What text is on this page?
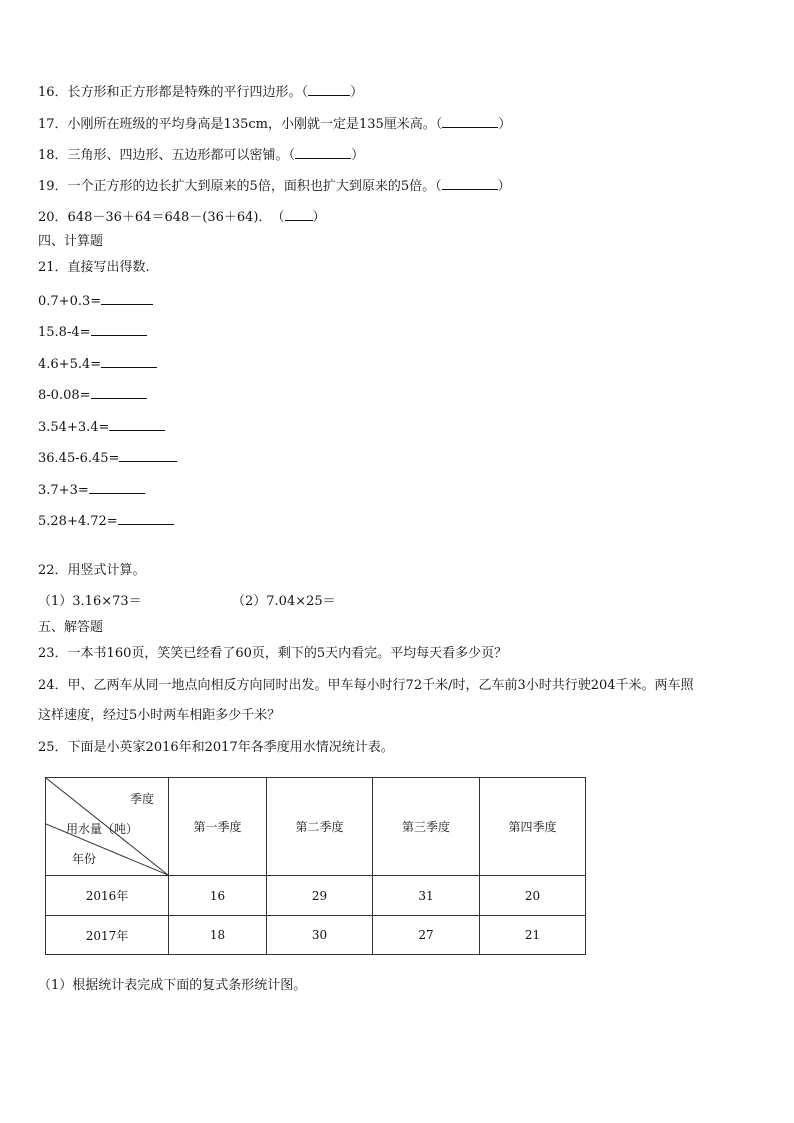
16．长方形和正方形都是特殊的平行四边形。（	）
17．小刚所在班级的平均身高是135cm，小刚就一定是135厘米高。（	）
18．三角形、四边形、五边形都可以密铺。（	）
19．一个正方形的边长扩大到原来的5倍，面积也扩大到原来的5倍。（	）
20．648－36＋64＝648－(36＋64)．　（ ）
四、计算题
21．直接写出得数.
0.7+0.3=
15.8-4=
4.6+5.4=
8-0.08=
3.54+3.4=
36.45-6.45=
3.7+3=
5.28+4.72=
22．用竖式计算。
（1）3.16×73＝	（2）7.04×25＝
五、解答题
23．一本书160页，笑笑已经看了60页，剩下的5天内看完。平均每天看多少页？
24．甲、乙两车从同一地点向相反方向同时出发。甲车每小时行72千米/时，乙车前3小时共行驶204千米。两车照
这样速度，经过5小时两车相距多少千米？
25．下面是小英家2016年和2017年各季度用水情况统计表。
季度
用水量（吨）
年份	第一季度	第二季度	第三季度	第四季度
2016年	16	29	31	20
2017年	18	30	27	21
（1）根据统计表完成下面的复式条形统计图。
